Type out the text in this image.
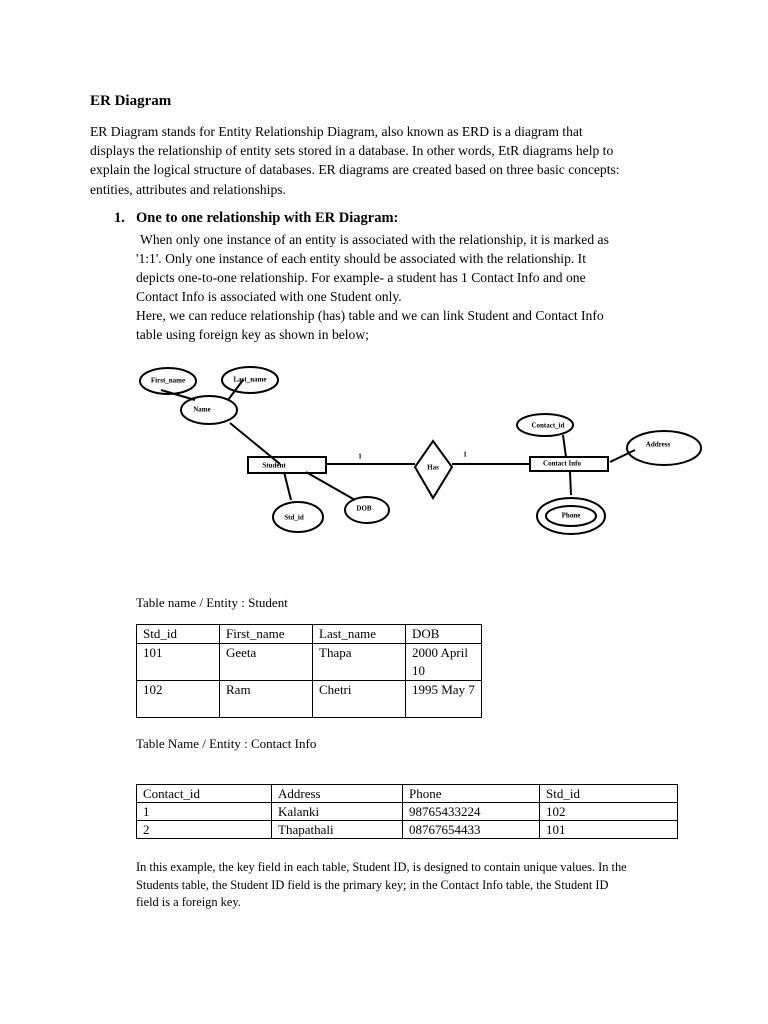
ER Diagram
ER Diagram stands for Entity Relationship Diagram, also known as ERD is a diagram that
displays the relationship of entity sets stored in a database. In other words, EtR diagrams help to
explain the logical structure of databases. ER diagrams are created based on three basic concepts:
entities, attributes and relationships.
1. One to one relationship with ER Diagram:

When only one instance of an entity is associated with the relationship, it is marked as

'1:1'. Only one instance of each entity should be associated with the relationship. It

depicts one-to-one relationship. For example- a student has 1 Contact Info and one

Contact Info is associated with one Student only.

Here, we can reduce relationship (has) table and we can link Student and Contact Info

table using foreign key as shown in below;

First_name	Last_name
Name
Student
Std_id
DOB
Has
1	1
Contact_id
Contact Info
Address
Phone
Table name / Entity : Student
Std_id	First_name	Last_name	DOB
101	Geeta	Thapa	2000 April 10
102	Ram	Chetri	1995 May 7
Table Name / Entity : Contact Info
Contact_id	Address	Phone	Std_id
1	Kalanki	98765433224	102
2	Thapathali	08767654433	101
In this example, the key field in each table, Student ID, is designed to contain unique values. In the
Students table, the Student ID field is the primary key; in the Contact Info table, the Student ID
field is a foreign key.
